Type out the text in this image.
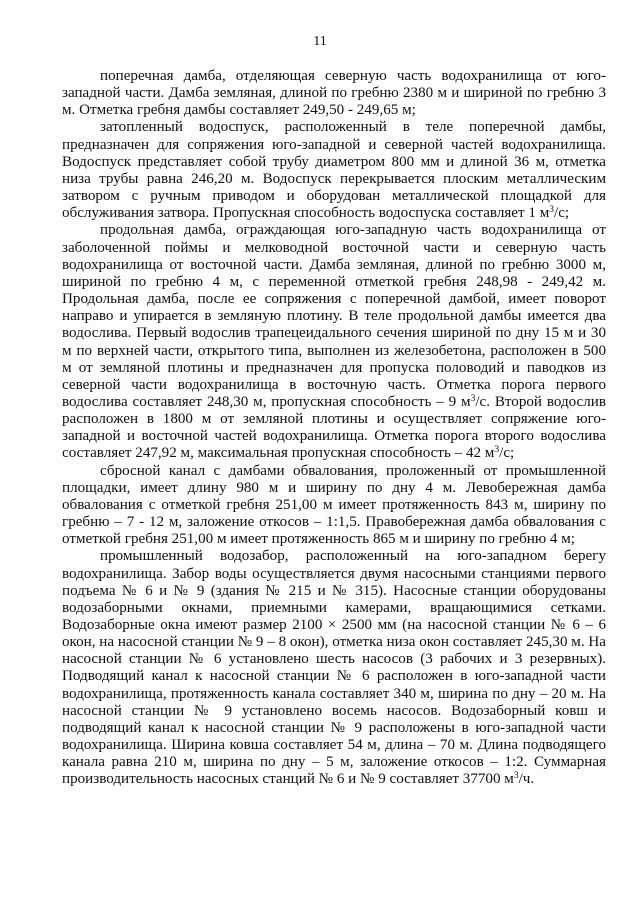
11

поперечная дамба, отделяющая северную часть водохранилища от юго-западной части. Дамба земляная, длиной по гребню 2380 м и шириной по гребню 3 м. Отметка гребня дамбы составляет 249,50 - 249,65 м;

затопленный водоспуск, расположенный в теле поперечной дамбы, предназначен для сопряжения юго-западной и северной частей водохранилища. Водоспуск представляет собой трубу диаметром 800 мм и длиной 36 м, отметка низа трубы равна 246,20 м. Водоспуск перекрывается плоским металлическим затвором с ручным приводом и оборудован металлической площадкой для обслуживания затвора. Пропускная способность водоспуска составляет 1 $м^3/с$;

продольная дамба, ограждающая юго-западную часть водохранилища от заболоченной поймы и мелководной восточной части и северную часть водохранилища от восточной части. Дамба земляная, длиной по гребню 3000 м, шириной по гребню 4 м, с переменной отметкой гребня 248,98 - 249,42 м. Продольная дамба, после ее сопряжения с поперечной дамбой, имеет поворот направо и упирается в земляную плотину. В теле продольной дамбы имеется два водослива. Первый водослив трапецеидального сечения шириной по дну 15 м и 30 м по верхней части, открытого типа, выполнен из железобетона, расположен в 500 м от земляной плотины и предназначен для пропуска половодий и паводков из северной части водохранилища в восточную часть. Отметка порога первого водослива составляет 248,30 м, пропускная способность – 9 $м^3/с$. Второй водослив расположен в 1800 м от земляной плотины и осуществляет сопряжение юго-западной и восточной частей водохранилища. Отметка порога второго водослива составляет 247,92 м, максимальная пропускная способность – 42 $м^3/с$;

сбросной канал с дамбами обвалования, проложенный от промышленной площадки, имеет длину 980 м и ширину по дну 4 м. Левобережная дамба обвалования с отметкой гребня 251,00 м имеет протяженность 843 м, ширину по гребню – 7 - 12 м, заложение откосов – 1:1,5. Правобережная дамба обвалования с отметкой гребня 251,00 м имеет протяженность 865 м и ширину по гребню 4 м;

промышленный водозабор, расположенный на юго-западном берегу водохранилища. Забор воды осуществляется двумя насосными станциями первого подъема № 6 и № 9 (здания № 215 и № 315). Насосные станции оборудованы водозаборными окнами, приемными камерами, вращающимися сетками. Водозаборные окна имеют размер 2100 × 2500 мм (на насосной станции № 6 – 6 окон, на насосной станции № 9 – 8 окон), отметка низа окон составляет 245,30 м. На насосной станции № 6 установлено шесть насосов (3 рабочих и 3 резервных). Подводящий канал к насосной станции № 6 расположен в юго-западной части водохранилища, протяженность канала составляет 340 м, ширина по дну – 20 м. На насосной станции № 9 установлено восемь насосов. Водозаборный ковш и подводящий канал к насосной станции № 9 расположены в юго-западной части водохранилища. Ширина ковша составляет 54 м, длина – 70 м. Длина подводящего канала равна 210 м, ширина по дну – 5 м, заложение откосов – 1:2. Суммарная производительность насосных станций № 6 и № 9 составляет 37700 $м^3/ч$.
